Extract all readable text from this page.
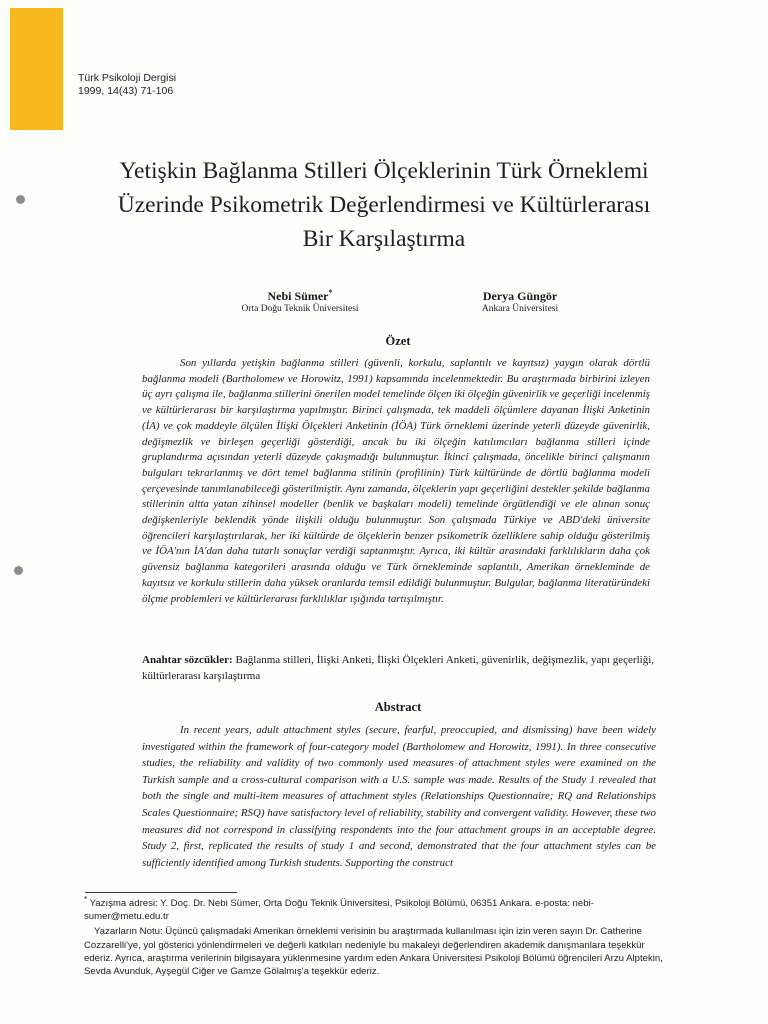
Türk Psikoloji Dergisi
1999, 14(43) 71-106
Yetişkin Bağlanma Stilleri Ölçeklerinin Türk Örneklemi
Üzerinde Psikometrik Değerlendirmesi ve Kültürlerarası
Bir Karşılaştırma
Nebi Sümer*
Orta Doğu Teknik Üniversitesi
Derya Güngör
Ankara Üniversitesi
Özet
Son yıllarda yetişkin bağlanma stilleri (güvenli, korkulu, saplantılı ve kayıtsız) yaygın olarak dörtlü bağlanma modeli (Bartholomew ve Horowitz, 1991) kapsamında incelenmektedir. Bu araştırmada birbirini izleyen üç ayrı çalışma ile, bağlanma stillerini önerilen model temelinde ölçen iki ölçeğin güvenirlik ve geçerliği incelenmiş ve kültürlerarası bir karşılaştırma yapılmıştır. Birinci çalışmada, tek maddeli ölçümlere dayanan İlişki Anketinin (İA) ve çok maddeyle ölçülen İlişki Ölçekleri Anketinin (İÖA) Türk örneklemi üzerinde yeterli düzeyde güvenirlik, değişmezlik ve birleşen geçerliği gösterdiği, ancak bu iki ölçeğin katılımcıları bağlanma stilleri içinde gruplandırma açısından yeterli düzeyde çakışmadığı bulunmuştur. İkinci çalışmada, öncelikle birinci çalışmanın bulguları tekrarlanmış ve dört temel bağlanma stilinin (profilinin) Türk kültüründe de dörtlü bağlanma modeli çerçevesinde tanımlanabileceği gösterilmiştir. Aynı zamanda, ölçeklerin yapı geçerliğini destekler şekilde bağlanma stillerinin altta yatan zihinsel modeller (benlik ve başkaları modeli) temelinde örgütlendiği ve ele alınan sonuç değişkenleriyle beklendik yönde ilişkili olduğu bulunmuştur. Son çalışmada Türkiye ve ABD'deki üniversite öğrencileri karşılaştırılarak, her iki kültürde de ölçeklerin benzer psikometrik özelliklere sahip olduğu gösterilmiş ve İÖA'nın İA'dan daha tutarlı sonuçlar verdiği saptanmıştır. Ayrıca, iki kültür arasındaki farklılıkların daha çok güvensiz bağlanma kategorileri arasında olduğu ve Türk örnekleminde saplantılı, Amerikan örnekleminde de kayıtsız ve korkulu stillerin daha yüksek oranlarda temsil edildiği bulunmuştur. Bulgular, bağlanma literatüründeki ölçme problemleri ve kültürlerarası farklılıklar ışığında tartışılmıştır.
Anahtar sözcükler: Bağlanma stilleri, İlişki Anketi, İlişki Ölçekleri Anketi, güvenirlik, değişmezlik, yapı geçerliği, kültürlerarası karşılaştırma
Abstract
In recent years, adult attachment styles (secure, fearful, preoccupied, and dismissing) have been widely investigated within the framework of four-category model (Bartholomew and Horowitz, 1991). In three consecutive studies, the reliability and validity of two commonly used measures of attachment styles were examined on the Turkish sample and a cross-cultural comparison with a U.S. sample was made. Results of the Study 1 revealed that both the single and multi-item measures of attachment styles (Relationships Questionnaire; RQ and Relationships Scales Questionnaire; RSQ) have satisfactory level of reliability, stability and convergent validity. However, these two measures did not correspond in classifying respondents into the four attachment groups in an acceptable degree. Study 2, first, replicated the results of study 1 and second, demonstrated that the four attachment styles can be sufficiently identified among Turkish students. Supporting the construct

* Yazışma adresi: Y. Doç. Dr. Nebi Sümer, Orta Doğu Teknik Üniversitesi, Psikoloji Bölümü, 06351 Ankara. e-posta: nebi-sumer@metu.edu.tr

Yazarların Notu: Üçüncü çalışmadaki Amerikan örneklemi verisinin bu araştırmada kullanılması için izin veren sayın Dr. Catherine Cozzarelli'ye, yol gösterici yönlendirmeleri ve değerli katkıları nedeniyle bu makaleyi değerlendiren akademik danışmanlara teşekkür ederiz. Ayrıca, araştırma verilerinin bilgisayara yüklenmesine yardım eden Ankara Üniversitesi Psikoloji Bölümü öğrencileri Arzu Alptekin, Sevda Avunduk, Ayşegül Ciğer ve Gamze Gölalmış'a teşekkür ederiz.
